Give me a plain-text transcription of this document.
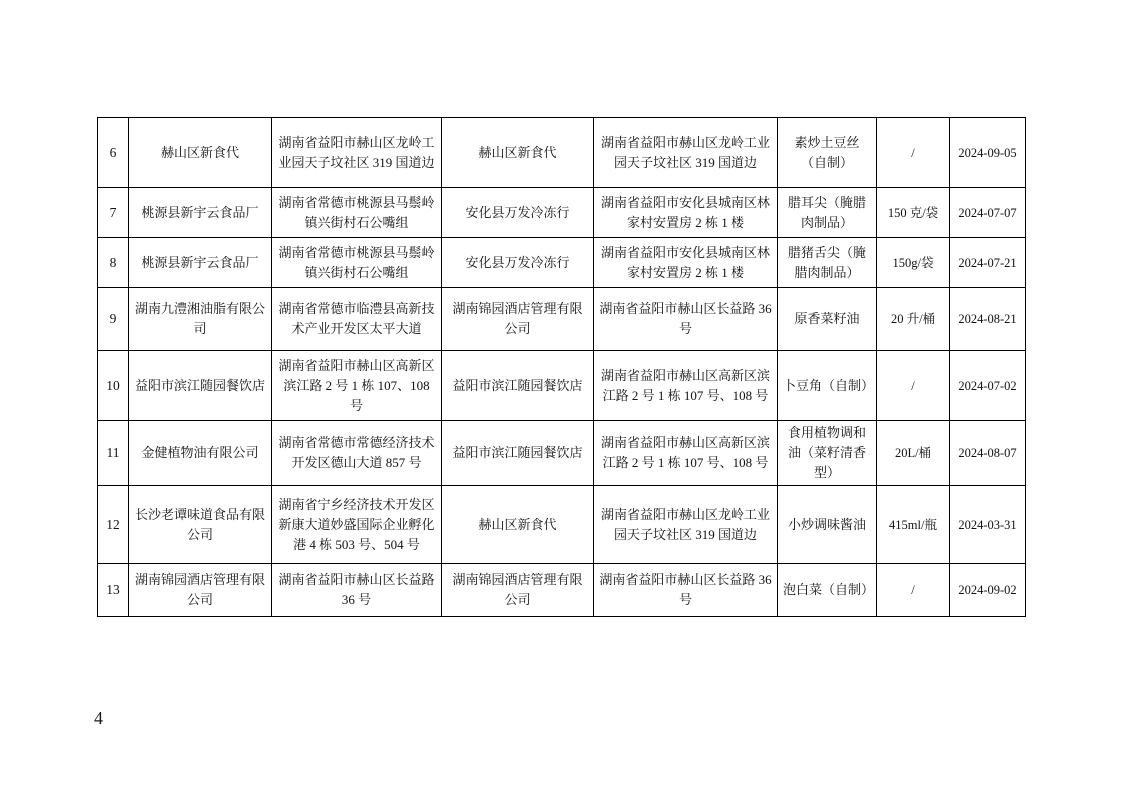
6	赫山区新食代	湖南省益阳市赫山区龙岭工业园天子坟社区 319 国道边	赫山区新食代	湖南省益阳市赫山区龙岭工业园天子坟社区 319 国道边	素炒土豆丝（自制）	/	2024-09-05
7	桃源县新宇云食品厂	湖南省常德市桃源县马鬃岭镇兴街村石公嘴组	安化县万发冷冻行	湖南省益阳市安化县城南区林家村安置房 2 栋 1 楼	腊耳尖（腌腊肉制品）	150 克/袋	2024-07-07
8	桃源县新宇云食品厂	湖南省常德市桃源县马鬃岭镇兴街村石公嘴组	安化县万发冷冻行	湖南省益阳市安化县城南区林家村安置房 2 栋 1 楼	腊猪舌尖（腌腊肉制品）	150g/袋	2024-07-21
9	湖南九澧湘油脂有限公司	湖南省常德市临澧县高新技术产业开发区太平大道	湖南锦园酒店管理有限公司	湖南省益阳市赫山区长益路 36 号	原香菜籽油	20 升/桶	2024-08-21
10	益阳市滨江随园餐饮店	湖南省益阳市赫山区高新区滨江路 2 号 1 栋 107、108 号	益阳市滨江随园餐饮店	湖南省益阳市赫山区高新区滨江路 2 号 1 栋 107 号、108 号	卜豆角（自制）	/	2024-07-02
11	金健植物油有限公司	湖南省常德市常德经济技术开发区德山大道 857 号	益阳市滨江随园餐饮店	湖南省益阳市赫山区高新区滨江路 2 号 1 栋 107 号、108 号	食用植物调和油（菜籽清香型）	20L/桶	2024-08-07
12	长沙老谭味道食品有限公司	湖南省宁乡经济技术开发区新康大道妙盛国际企业孵化港 4 栋 503 号、504 号	赫山区新食代	湖南省益阳市赫山区龙岭工业园天子坟社区 319 国道边	小炒调味酱油	415ml/瓶	2024-03-31
13	湖南锦园酒店管理有限公司	湖南省益阳市赫山区长益路 36 号	湖南锦园酒店管理有限公司	湖南省益阳市赫山区长益路 36 号	泡白菜（自制）	/	2024-09-02
4
